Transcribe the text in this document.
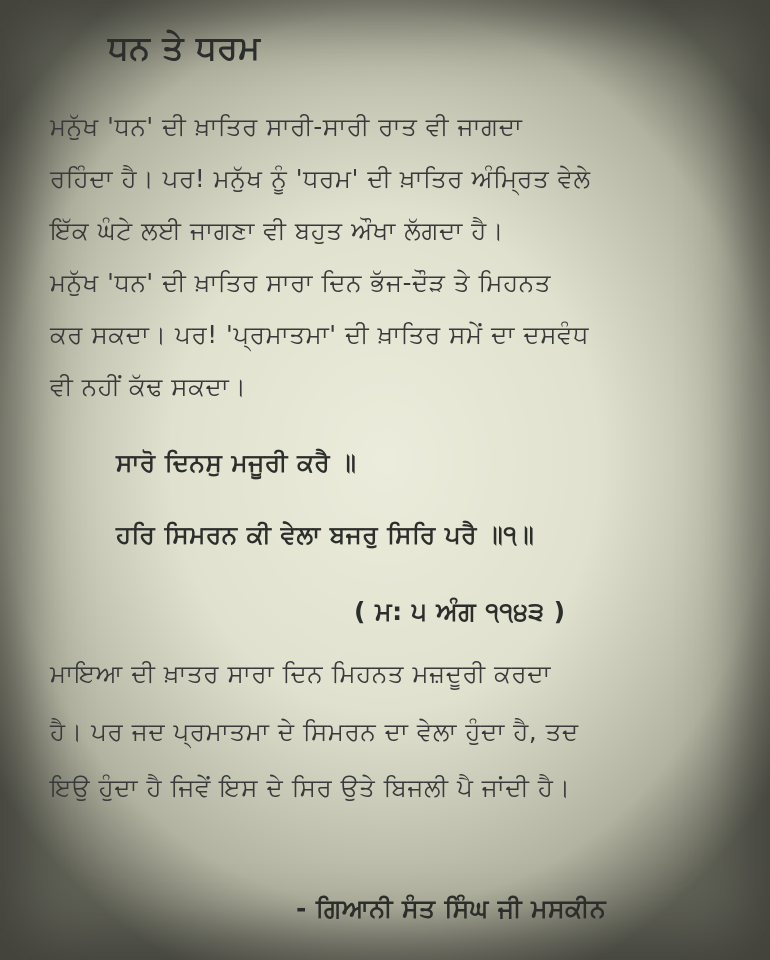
ਧਨ ਤੇ ਧਰਮ
ਮਨੁੱਖ 'ਧਨ' ਦੀ ਖ਼ਾਤਿਰ ਸਾਰੀ-ਸਾਰੀ ਰਾਤ ਵੀ ਜਾਗਦਾ
ਰਹਿੰਦਾ ਹੈ। ਪਰ! ਮਨੁੱਖ ਨੂੰ 'ਧਰਮ' ਦੀ ਖ਼ਾਤਿਰ ਅੰਮ੍ਰਿਤ ਵੇਲੇ
ਇੱਕ ਘੰਟੇ ਲਈ ਜਾਗਣਾ ਵੀ ਬਹੁਤ ਔਖਾ ਲੱਗਦਾ ਹੈ।
ਮਨੁੱਖ 'ਧਨ' ਦੀ ਖ਼ਾਤਿਰ ਸਾਰਾ ਦਿਨ ਭੱਜ-ਦੌੜ ਤੇ ਮਿਹਨਤ
ਕਰ ਸਕਦਾ। ਪਰ! 'ਪ੍ਰਮਾਤਮਾ' ਦੀ ਖ਼ਾਤਿਰ ਸਮੇਂ ਦਾ ਦਸਵੰਧ
ਵੀ ਨਹੀਂ ਕੱਢ ਸਕਦਾ।
ਸਾਰੋ ਦਿਨਸੁ ਮਜੂਰੀ ਕਰੈ ॥
ਹਰਿ ਸਿਮਰਨ ਕੀ ਵੇਲਾ ਬਜਰੁ ਸਿਰਿ ਪਰੈ ॥੧॥
( ਮ: ੫ ਅੰਗ ੧੧੪੩ )
ਮਾਇਆ ਦੀ ਖ਼ਾਤਰ ਸਾਰਾ ਦਿਨ ਮਿਹਨਤ ਮਜ਼ਦੂਰੀ ਕਰਦਾ
ਹੈ। ਪਰ ਜਦ ਪ੍ਰਮਾਤਮਾ ਦੇ ਸਿਮਰਨ ਦਾ ਵੇਲਾ ਹੁੰਦਾ ਹੈ, ਤਦ
ਇਉ ਹੁੰਦਾ ਹੈ ਜਿਵੇਂ ਇਸ ਦੇ ਸਿਰ ਉਤੇ ਬਿਜਲੀ ਪੈ ਜਾਂਦੀ ਹੈ।
- ਗਿਆਨੀ ਸੰਤ ਸਿੰਘ ਜੀ ਮਸਕੀਨ
